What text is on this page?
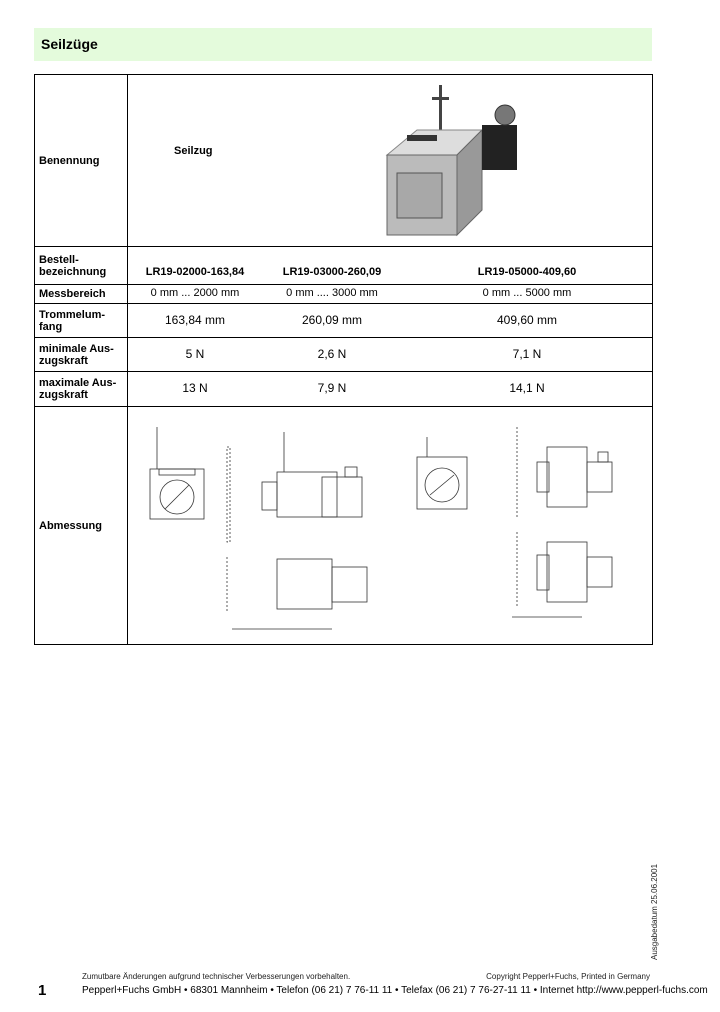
Seilzüge
Benennung	Seilzug

Bestell-bezeichnung	LR19-02000-163,84 LR19-03000-260,09 LR19-05000-409,60

Messbereich	0 mm ... 2000 mm 0 mm .... 3000 mm 0 mm ... 5000 mm

Trommelum-fang	163,84 mm 260,09 mm 409,60 mm

minimale Aus-zugskraft	5 N 2,6 N 7,1 N

maximale Aus-zugskraft	13 N 7,9 N 14,1 N

Abmessung	
Ausgabedatum 25.06.2001
Zumutbare Änderungen aufgrund technischer Verbesserungen vorbehalten.	Copyright Pepperl+Fuchs, Printed in Germany
1	Pepperl+Fuchs GmbH • 68301 Mannheim • Telefon (06 21) 7 76-11 11 • Telefax (06 21) 7 76-27-11 11 • Internet http://www.pepperl-fuchs.com
